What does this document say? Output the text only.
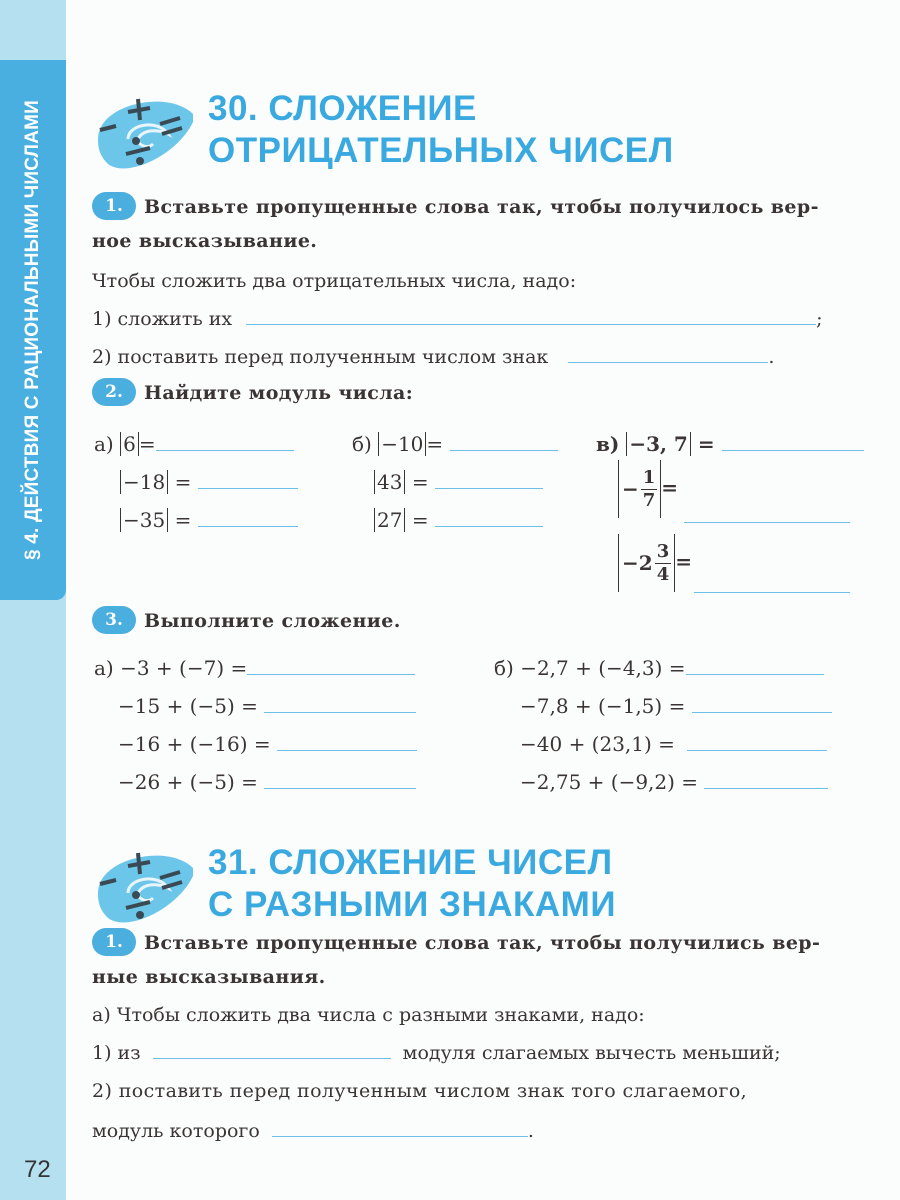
§ 4. ДЕЙСТВИЯ С РАЦИОНАЛЬНЫМИ ЧИСЛАМИ
72
30. СЛОЖЕНИЕ
ОТРИЦАТЕЛЬНЫХ ЧИСЕЛ
1. Вставьте пропущенные слова так, чтобы получилось вер-
ное высказывание.
Чтобы сложить два отрицательных числа, надо:
1) сложить их	;
2) поставить перед полученным числом знак	.
2. Найдите модуль числа:
а) 6 =
−18 =
−35 =
б) −10 =
43 =
27 =
в) −3, 7 =
− $\frac{1}{7}$ =
$-2 \frac{3}{4}$ =
3. Выполните сложение.
а) −3 + (−7) =
−15 + (−5) =
−16 + (−16) =
−26 + (−5) =
б) −2,7 + (−4,3) =
−7,8 + (−1,5) =
−40 + (23,1) =
−2,75 + (−9,2) =
31. СЛОЖЕНИЕ ЧИСЕЛ
С РАЗНЫМИ ЗНАКАМИ
1. Вставьте пропущенные слова так, чтобы получились вер-
ные высказывания.
а) Чтобы сложить два числа с разными знаками, надо:
1) из	модуля слагаемых вычесть меньший;
2) поставить перед полученным числом знак того слагаемого,
модуль которого	.
